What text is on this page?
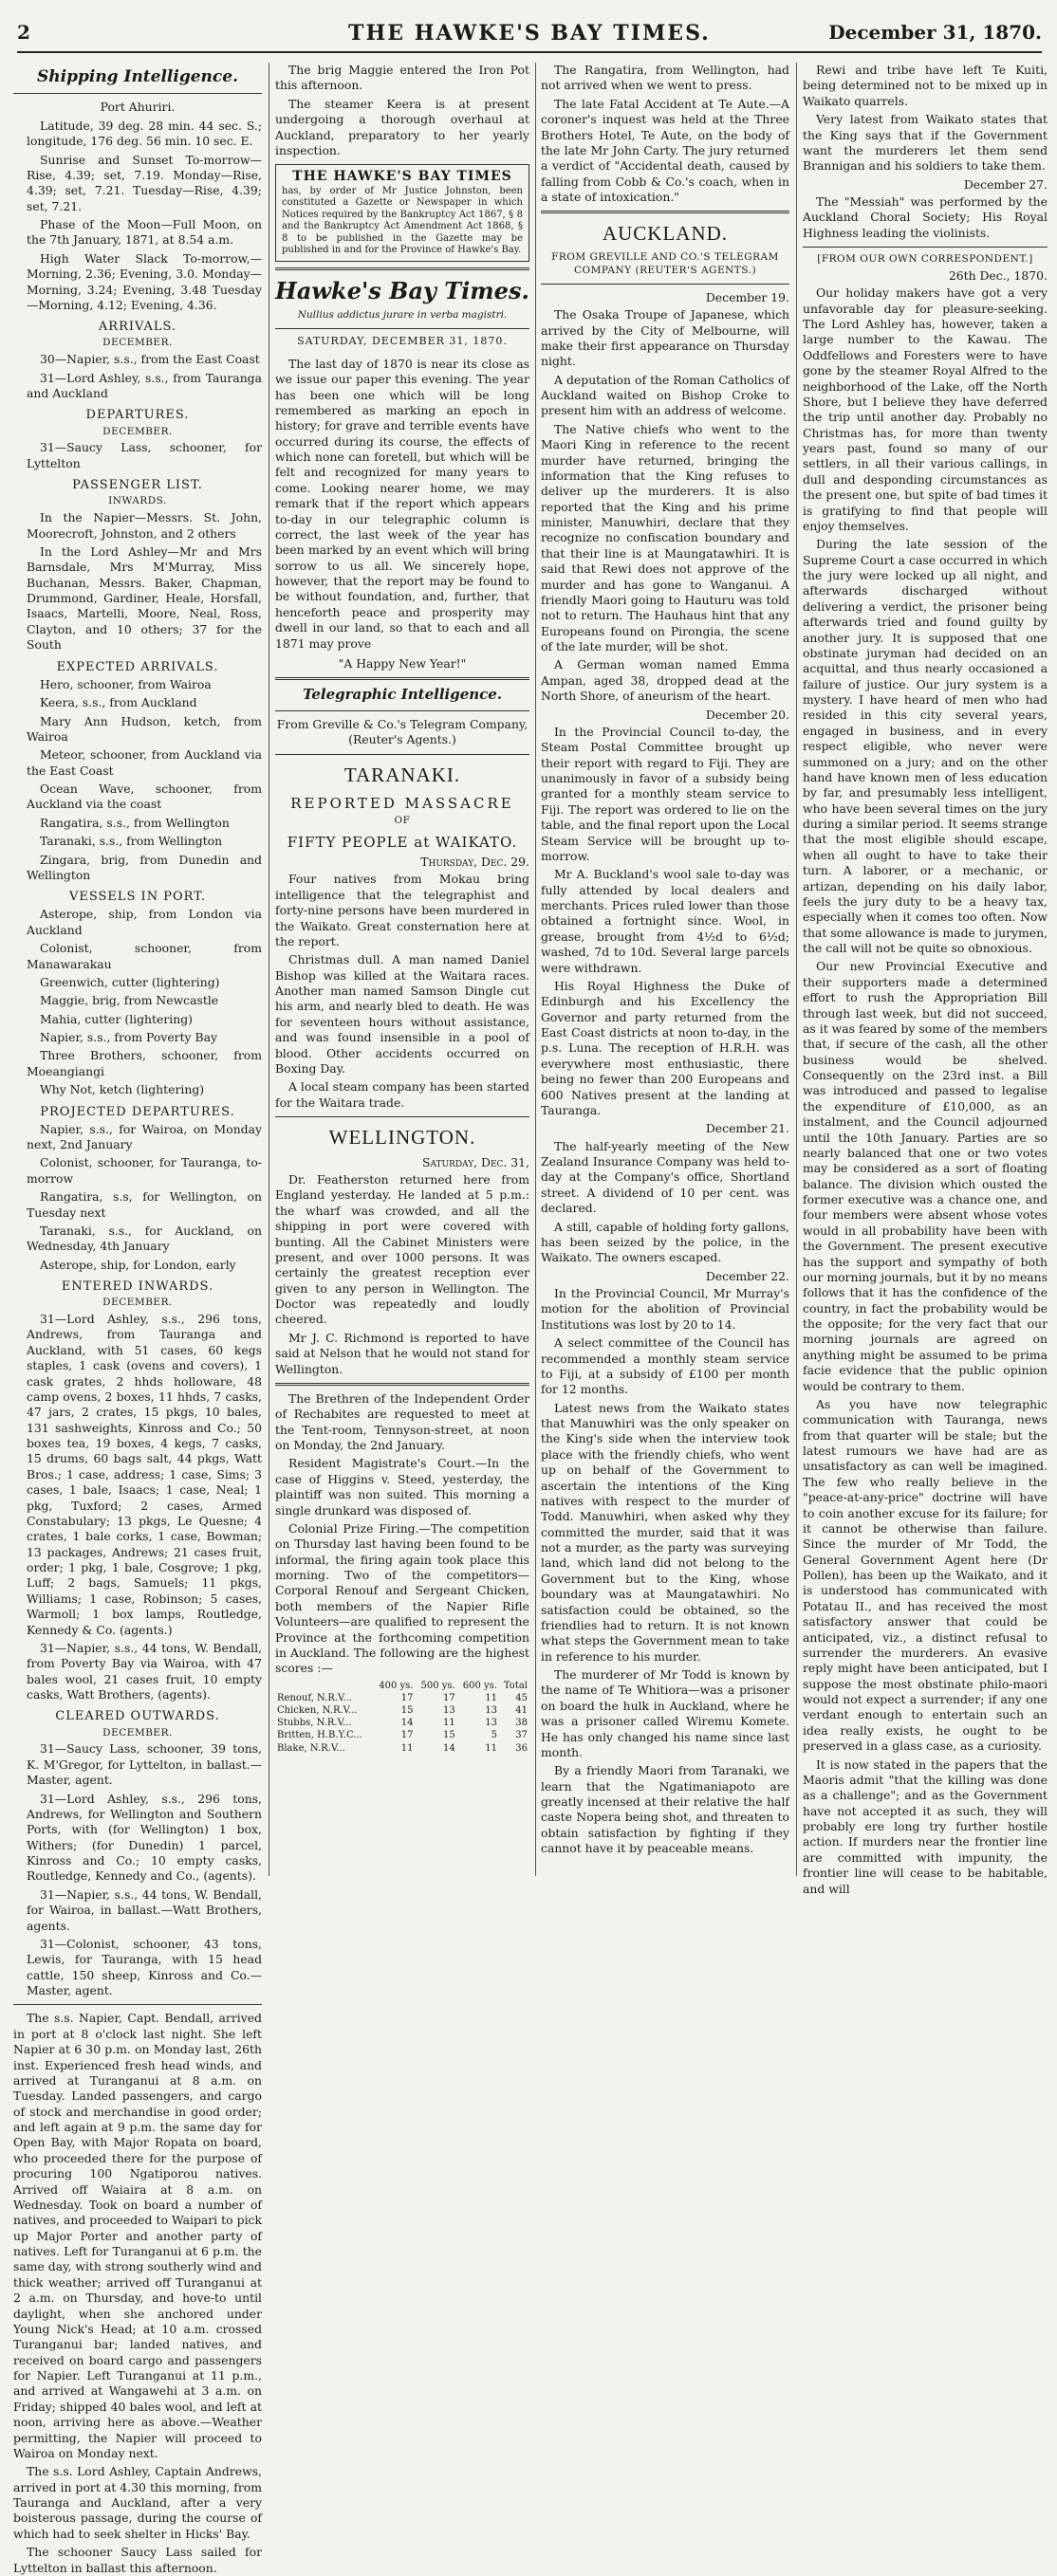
2	THE HAWKE'S BAY TIMES.	December 31, 1870.
Shipping Intelligence.
Port Ahuriri.

Latitude, 39 deg. 28 min. 44 sec. S.; longitude, 176 deg. 56 min. 10 sec. E.

Sunrise and Sunset To-morrow—Rise, 4.39; set, 7.19. Monday—Rise, 4.39; set, 7.21. Tuesday—Rise, 4.39; set, 7.21.

Phase of the Moon—Full Moon, on the 7th January, 1871, at 8.54 a.m.

High Water Slack To-morrow,—Morning, 2.36; Evening, 3.0. Monday—Morning, 3.24; Evening, 3.48 Tuesday—Morning, 4.12; Evening, 4.36.

ARRIVALS.
DECEMBER.

30—Napier, s.s., from the East Coast

31—Lord Ashley, s.s., from Tauranga and Auckland

DEPARTURES.
DECEMBER.

31—Saucy Lass, schooner, for Lyttelton

PASSENGER LIST.
INWARDS.

In the Napier—Messrs. St. John, Moorecroft, Johnston, and 2 others

In the Lord Ashley—Mr and Mrs Barnsdale, Mrs M'Murray, Miss Buchanan, Messrs. Baker, Chapman, Drummond, Gardiner, Heale, Horsfall, Isaacs, Martelli, Moore, Neal, Ross, Clayton, and 10 others; 37 for the South

EXPECTED ARRIVALS.

Hero, schooner, from Wairoa

Keera, s.s., from Auckland

Mary Ann Hudson, ketch, from Wairoa

Meteor, schooner, from Auckland via the East Coast

Ocean Wave, schooner, from Auckland via the coast

Rangatira, s.s., from Wellington

Taranaki, s.s., from Wellington

Zingara, brig, from Dunedin and Wellington

VESSELS IN PORT.

Asterope, ship, from London via Auckland

Colonist, schooner, from Manawarakau

Greenwich, cutter (lightering)

Maggie, brig, from Newcastle

Mahia, cutter (lightering)

Napier, s.s., from Poverty Bay

Three Brothers, schooner, from Moeangiangi

Why Not, ketch (lightering)

PROJECTED DEPARTURES.

Napier, s.s., for Wairoa, on Monday next, 2nd January

Colonist, schooner, for Tauranga, to-morrow

Rangatira, s.s, for Wellington, on Tuesday next

Taranaki, s.s., for Auckland, on Wednesday, 4th January

Asterope, ship, for London, early

ENTERED INWARDS.
DECEMBER.

31—Lord Ashley, s.s., 296 tons, Andrews, from Tauranga and Auckland, with 51 cases, 60 kegs staples, 1 cask (ovens and covers), 1 cask grates, 2 hhds holloware, 48 camp ovens, 2 boxes, 11 hhds, 7 casks, 47 jars, 2 crates, 15 pkgs, 10 bales, 131 sashweights, Kinross and Co.; 50 boxes tea, 19 boxes, 4 kegs, 7 casks, 15 drums, 60 bags salt, 44 pkgs, Watt Bros.; 1 case, address; 1 case, Sims; 3 cases, 1 bale, Isaacs; 1 case, Neal; 1 pkg, Tuxford; 2 cases, Armed Constabulary; 13 pkgs, Le Quesne; 4 crates, 1 bale corks, 1 case, Bowman; 13 packages, Andrews; 21 cases fruit, order; 1 pkg, 1 bale, Cosgrove; 1 pkg, Luff; 2 bags, Samuels; 11 pkgs, Williams; 1 case, Robinson; 5 cases, Warmoll; 1 box lamps, Routledge, Kennedy & Co. (agents.)

31—Napier, s.s., 44 tons, W. Bendall, from Poverty Bay via Wairoa, with 47 bales wool, 21 cases fruit, 10 empty casks, Watt Brothers, (agents).

CLEARED OUTWARDS.
DECEMBER.

31—Saucy Lass, schooner, 39 tons, K. M'Gregor, for Lyttelton, in ballast.—Master, agent.

31—Lord Ashley, s.s., 296 tons, Andrews, for Wellington and Southern Ports, with (for Wellington) 1 box, Withers; (for Dunedin) 1 parcel, Kinross and Co.; 10 empty casks, Routledge, Kennedy and Co., (agents).

31—Napier, s.s., 44 tons, W. Bendall, for Wairoa, in ballast.—Watt Brothers, agents.

31—Colonist, schooner, 43 tons, Lewis, for Tauranga, with 15 head cattle, 150 sheep, Kinross and Co.—Master, agent.

The s.s. Napier, Capt. Bendall, arrived in port at 8 o'clock last night. She left Napier at 6 30 p.m. on Monday last, 26th inst. Experienced fresh head winds, and arrived at Turanganui at 8 a.m. on Tuesday. Landed passengers, and cargo of stock and merchandise in good order; and left again at 9 p.m. the same day for Open Bay, with Major Ropata on board, who proceeded there for the purpose of procuring 100 Ngatiporou natives. Arrived off Waiaira at 8 a.m. on Wednesday. Took on board a number of natives, and proceeded to Waipari to pick up Major Porter and another party of natives. Left for Turanganui at 6 p.m. the same day, with strong southerly wind and thick weather; arrived off Turanganui at 2 a.m. on Thursday, and hove-to until daylight, when she anchored under Young Nick's Head; at 10 a.m. crossed Turanganui bar; landed natives, and received on board cargo and passengers for Napier. Left Turanganui at 11 p.m., and arrived at Wangawehi at 3 a.m. on Friday; shipped 40 bales wool, and left at noon, arriving here as above.—Weather permitting, the Napier will proceed to Wairoa on Monday next.

The s.s. Lord Ashley, Captain Andrews, arrived in port at 4.30 this morning, from Tauranga and Auckland, after a very boisterous passage, during the course of which had to seek shelter in Hicks' Bay.

The schooner Saucy Lass sailed for Lyttelton in ballast this afternoon.

The brig Maggie entered the Iron Pot this afternoon.

The steamer Keera is at present undergoing a thorough overhaul at Auckland, preparatory to her yearly inspection.

THE HAWKE'S BAY TIMES
has, by order of Mr Justice Johnston, been constituted a Gazette or Newspaper in which Notices required by the Bankruptcy Act 1867, § 8 and the Bankruptcy Act Amendment Act 1868, § 8 to be published in the Gazette may be published in and for the Province of Hawke's Bay.
Hawke's Bay Times.
Nullius addictus jurare in verba magistri.
SATURDAY, DECEMBER 31, 1870.

The last day of 1870 is near its close as we issue our paper this evening. The year has been one which will be long remembered as marking an epoch in history; for grave and terrible events have occurred during its course, the effects of which none can foretell, but which will be felt and recognized for many years to come. Looking nearer home, we may remark that if the report which appears to-day in our telegraphic column is correct, the last week of the year has been marked by an event which will bring sorrow to us all. We sincerely hope, however, that the report may be found to be without foundation, and, further, that henceforth peace and prosperity may dwell in our land, so that to each and all 1871 may prove

"A Happy New Year!"
Telegraphic Intelligence.
From Greville & Co.'s Telegram Company, (Reuter's Agents.)
TARANAKI.
REPORTED MASSACRE
OF
FIFTY PEOPLE at WAIKATO.
Thursday, Dec. 29.

Four natives from Mokau bring intelligence that the telegraphist and forty-nine persons have been murdered in the Waikato. Great consternation here at the report.

Christmas dull. A man named Daniel Bishop was killed at the Waitara races. Another man named Samson Dingle cut his arm, and nearly bled to death. He was for seventeen hours without assistance, and was found insensible in a pool of blood. Other accidents occurred on Boxing Day.

A local steam company has been started for the Waitara trade.

WELLINGTON.
Saturday, Dec. 31,

Dr. Featherston returned here from England yesterday. He landed at 5 p.m.: the wharf was crowded, and all the shipping in port were covered with bunting. All the Cabinet Ministers were present, and over 1000 persons. It was certainly the greatest reception ever given to any person in Wellington. The Doctor was repeatedly and loudly cheered.

Mr J. C. Richmond is reported to have said at Nelson that he would not stand for Wellington.

The Brethren of the Independent Order of Rechabites are requested to meet at the Tent-room, Tennyson-street, at noon on Monday, the 2nd January.

Resident Magistrate's Court.—In the case of Higgins v. Steed, yesterday, the plaintiff was non suited. This morning a single drunkard was disposed of.

Colonial Prize Firing.—The competition on Thursday last having been found to be informal, the firing again took place this morning. Two of the competitors—Corporal Renouf and Sergeant Chicken, both members of the Napier Rifle Volunteers—are qualified to represent the Province at the forthcoming competition in Auckland. The following are the highest scores :—

	400 ys.	500 ys.	600 ys.	Total
Renouf, N.R.V...	17	17	11	45
Chicken, N.R.V...	15	13	13	41
Stubbs, N.R.V...	14	11	13	38
Britten, H.B.Y.C...	17	15	5	37
Blake, N.R.V...	11	14	11	36

The Rangatira, from Wellington, had not arrived when we went to press.

The late Fatal Accident at Te Aute.—A coroner's inquest was held at the Three Brothers Hotel, Te Aute, on the body of the late Mr John Carty. The jury returned a verdict of "Accidental death, caused by falling from Cobb & Co.'s coach, when in a state of intoxication."

AUCKLAND.
FROM GREVILLE AND CO.'S TELEGRAM COMPANY (REUTER'S AGENTS.)
December 19.

The Osaka Troupe of Japanese, which arrived by the City of Melbourne, will make their first appearance on Thursday night.

A deputation of the Roman Catholics of Auckland waited on Bishop Croke to present him with an address of welcome.

The Native chiefs who went to the Maori King in reference to the recent murder have returned, bringing the information that the King refuses to deliver up the murderers. It is also reported that the King and his prime minister, Manuwhiri, declare that they recognize no confiscation boundary and that their line is at Maungatawhiri. It is said that Rewi does not approve of the murder and has gone to Wanganui. A friendly Maori going to Hauturu was told not to return. The Hauhaus hint that any Europeans found on Pirongia, the scene of the late murder, will be shot.

A German woman named Emma Ampan, aged 38, dropped dead at the North Shore, of aneurism of the heart.

December 20.

In the Provincial Council to-day, the Steam Postal Committee brought up their report with regard to Fiji. They are unanimously in favor of a subsidy being granted for a monthly steam service to Fiji. The report was ordered to lie on the table, and the final report upon the Local Steam Service will be brought up to-morrow.

Mr A. Buckland's wool sale to-day was fully attended by local dealers and merchants. Prices ruled lower than those obtained a fortnight since. Wool, in grease, brought from 4½d to 6½d; washed, 7d to 10d. Several large parcels were withdrawn.

His Royal Highness the Duke of Edinburgh and his Excellency the Governor and party returned from the East Coast districts at noon to-day, in the p.s. Luna. The reception of H.R.H. was everywhere most enthusiastic, there being no fewer than 200 Europeans and 600 Natives present at the landing at Tauranga.

December 21.

The half-yearly meeting of the New Zealand Insurance Company was held to-day at the Company's office, Shortland street. A dividend of 10 per cent. was declared.

A still, capable of holding forty gallons, has been seized by the police, in the Waikato. The owners escaped.

December 22.

In the Provincial Council, Mr Murray's motion for the abolition of Provincial Institutions was lost by 20 to 14.

A select committee of the Council has recommended a monthly steam service to Fiji, at a subsidy of £100 per month for 12 months.

Latest news from the Waikato states that Manuwhiri was the only speaker on the King's side when the interview took place with the friendly chiefs, who went up on behalf of the Government to ascertain the intentions of the King natives with respect to the murder of Todd. Manuwhiri, when asked why they committed the murder, said that it was not a murder, as the party was surveying land, which land did not belong to the Government but to the King, whose boundary was at Maungatawhiri. No satisfaction could be obtained, so the friendlies had to return. It is not known what steps the Government mean to take in reference to his murder.

The murderer of Mr Todd is known by the name of Te Whitiora—was a prisoner on board the hulk in Auckland, where he was a prisoner called Wiremu Komete. He has only changed his name since last month.

By a friendly Maori from Taranaki, we learn that the Ngatimaniapoto are greatly incensed at their relative the half caste Nopera being shot, and threaten to obtain satisfaction by fighting if they cannot have it by peaceable means.

Rewi and tribe have left Te Kuiti, being determined not to be mixed up in Waikato quarrels.

Very latest from Waikato states that the King says that if the Government want the murderers let them send Brannigan and his soldiers to take them.

December 27.

The "Messiah" was performed by the Auckland Choral Society; His Royal Highness leading the violinists.

[FROM OUR OWN CORRESPONDENT.]
26th Dec., 1870.

Our holiday makers have got a very unfavorable day for pleasure-seeking. The Lord Ashley has, however, taken a large number to the Kawau. The Oddfellows and Foresters were to have gone by the steamer Royal Alfred to the neighborhood of the Lake, off the North Shore, but I believe they have deferred the trip until another day. Probably no Christmas has, for more than twenty years past, found so many of our settlers, in all their various callings, in dull and desponding circumstances as the present one, but spite of bad times it is gratifying to find that people will enjoy themselves.

During the late session of the Supreme Court a case occurred in which the jury were locked up all night, and afterwards discharged without delivering a verdict, the prisoner being afterwards tried and found guilty by another jury. It is supposed that one obstinate juryman had decided on an acquittal, and thus nearly occasioned a failure of justice. Our jury system is a mystery. I have heard of men who had resided in this city several years, engaged in business, and in every respect eligible, who never were summoned on a jury; and on the other hand have known men of less education by far, and presumably less intelligent, who have been several times on the jury during a similar period. It seems strange that the most eligible should escape, when all ought to have to take their turn. A laborer, or a mechanic, or artizan, depending on his daily labor, feels the jury duty to be a heavy tax, especially when it comes too often. Now that some allowance is made to jurymen, the call will not be quite so obnoxious.

Our new Provincial Executive and their supporters made a determined effort to rush the Appropriation Bill through last week, but did not succeed, as it was feared by some of the members that, if secure of the cash, all the other business would be shelved. Consequently on the 23rd inst. a Bill was introduced and passed to legalise the expenditure of £10,000, as an instalment, and the Council adjourned until the 10th January. Parties are so nearly balanced that one or two votes may be considered as a sort of floating balance. The division which ousted the former executive was a chance one, and four members were absent whose votes would in all probability have been with the Government. The present executive has the support and sympathy of both our morning journals, but it by no means follows that it has the confidence of the country, in fact the probability would be the opposite; for the very fact that our morning journals are agreed on anything might be assumed to be prima facie evidence that the public opinion would be contrary to them.

As you have now telegraphic communication with Tauranga, news from that quarter will be stale; but the latest rumours we have had are as unsatisfactory as can well be imagined. The few who really believe in the "peace-at-any-price" doctrine will have to coin another excuse for its failure; for it cannot be otherwise than failure. Since the murder of Mr Todd, the General Government Agent here (Dr Pollen), has been up the Waikato, and it is understood has communicated with Potatau II., and has received the most satisfactory answer that could be anticipated, viz., a distinct refusal to surrender the murderers. An evasive reply might have been anticipated, but I suppose the most obstinate philo-maori would not expect a surrender; if any one verdant enough to entertain such an idea really exists, he ought to be preserved in a glass case, as a curiosity.

It is now stated in the papers that the Maoris admit "that the killing was done as a challenge"; and as the Government have not accepted it as such, they will probably ere long try further hostile action. If murders near the frontier line are committed with impunity, the frontier line will cease to be habitable, and will
